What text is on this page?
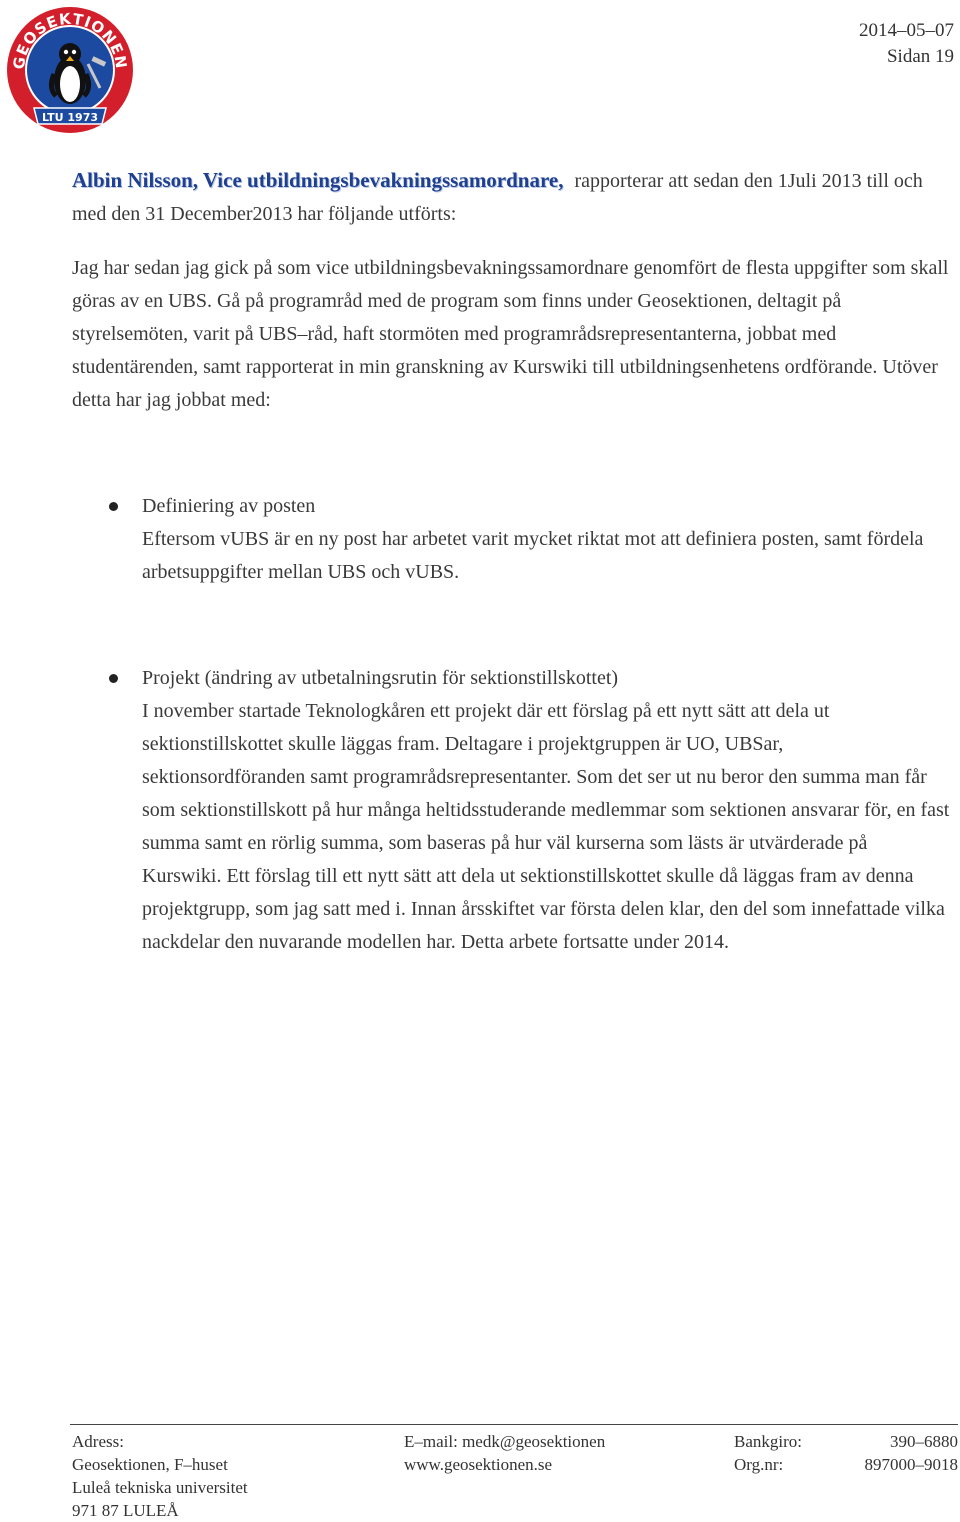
GEOSEKTIONEN
LTU 1973
2014–05–07
Sidan 19

Albin Nilsson, Vice utbildningsbevakningssamordnare, rapporterar att sedan den 1Juli 2013 till och med den 31 December2013 har följande utförts:

Jag har sedan jag gick på som vice utbildningsbevakningssamordnare genomfört de flesta uppgifter som skall göras av en UBS. Gå på programråd med de program som finns under Geosektionen, deltagit på styrelsemöten, varit på UBS–råd, haft stormöten med programrådsrepresentanterna, jobbat med studentärenden, samt rapporterat in min granskning av Kurswiki till utbildningsenhetens ordförande. Utöver detta har jag jobbat med:

Definiering av posten
Eftersom vUBS är en ny post har arbetet varit mycket riktat mot att definiera posten, samt fördela arbetsuppgifter mellan UBS och vUBS.
Projekt (ändring av utbetalningsrutin för sektionstillskottet)
I november startade Teknologkåren ett projekt där ett förslag på ett nytt sätt att dela ut sektionstillskottet skulle läggas fram. Deltagare i projektgruppen är UO, UBSar, sektionsordföranden samt programrådsrepresentanter. Som det ser ut nu beror den summa man får som sektionstillskott på hur många heltidsstuderande medlemmar som sektionen ansvarar för, en fast summa samt en rörlig summa, som baseras på hur väl kurserna som lästs är utvärderade på Kurswiki. Ett förslag till ett nytt sätt att dela ut sektionstillskottet skulle då läggas fram av denna projektgrupp, som jag satt med i. Innan årsskiftet var första delen klar, den del som innefattade vilka nackdelar den nuvarande modellen har. Detta arbete fortsatte under 2014.
Adress:
Geosektionen, F–huset
Luleå tekniska universitet
971 87 LULEÅ
E–mail: medk@geosektionen
www.geosektionen.se
Bankgiro:
Org.nr:
390–6880
897000–9018
